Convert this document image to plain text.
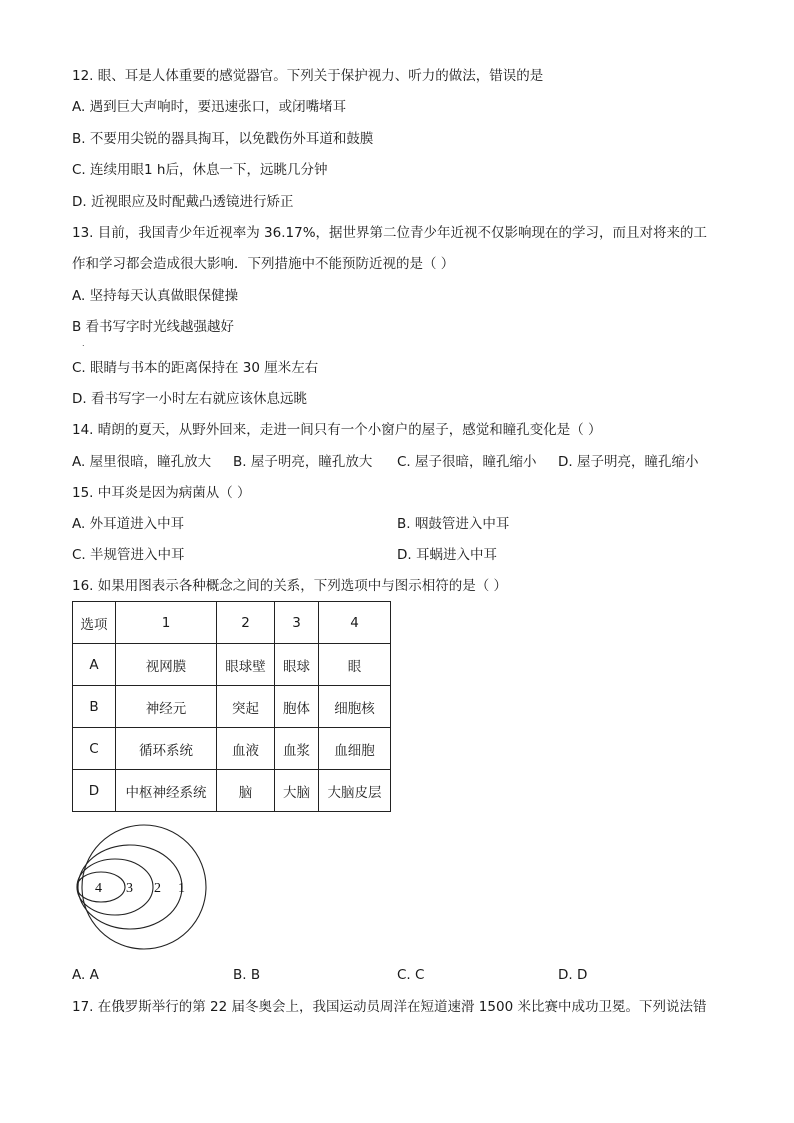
12. 眼、耳是人体重要的感觉器官。下列关于保护视力、听力的做法，错误的是
A. 遇到巨大声响时，要迅速张口，或闭嘴堵耳
B. 不要用尖锐的器具掏耳，以免戳伤外耳道和鼓膜
C. 连续用眼1 h后，休息一下，远眺几分钟
D. 近视眼应及时配戴凸透镜进行矫正
13. 目前，我国青少年近视率为 36.17%，据世界第二位青少年近视不仅影响现在的学习，而且对将来的工
作和学习都会造成很大影响．下列措施中不能预防近视的是（ ）
A. 坚持每天认真做眼保健操
B 看书写字时光线越强越好
.
C. 眼睛与书本的距离保持在 30 厘米左右
D. 看书写字一小时左右就应该休息远眺
14. 晴朗的夏天，从野外回来，走进一间只有一个小窗户的屋子，感觉和瞳孔变化是（ ）
A. 屋里很暗，瞳孔放大 B. 屋子明亮，瞳孔放大 C. 屋子很暗，瞳孔缩小 D. 屋子明亮，瞳孔缩小
15. 中耳炎是因为病菌从（ ）
A. 外耳道进入中耳	B. 咽鼓管进入中耳
C. 半规管进入中耳	D. 耳蜗进入中耳
16. 如果用图表示各种概念之间的关系，下列选项中与图示相符的是（ ）
选项	1	2	3	4
A	视网膜	眼球壁	眼球	眼
B	神经元	突起	胞体	细胞核
C	循环系统	血液	血浆	血细胞
D	中枢神经系统	脑	大脑	大脑皮层
4 3 2 1
A. A	B. B	C. C	D. D
17. 在俄罗斯举行的第 22 届冬奥会上，我国运动员周洋在短道速滑 1500 米比赛中成功卫冕。下列说法错
